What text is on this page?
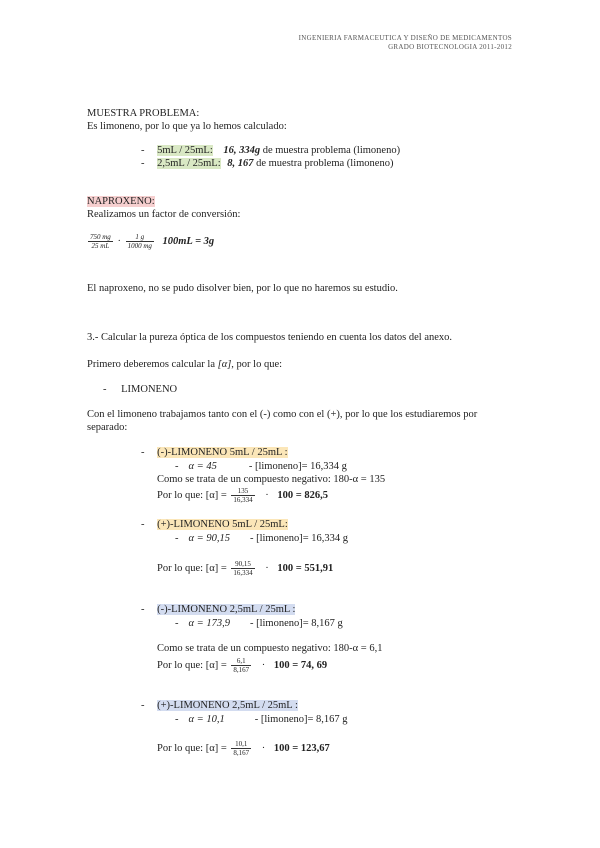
INGENIERIA FARMACEUTICA Y DISEÑO DE MEDICAMENTOS
GRADO BIOTECNOLOGIA 2011-2012
MUESTRA PROBLEMA:
Es limoneno, por lo que ya lo hemos calculado:
- 5mL / 25mL: 16, 334g de muestra problema (limoneno)
- 2,5mL / 25mL: 8, 167 de muestra problema (limoneno)
NAPROXENO:
Realizamos un factor de conversión:
$\frac{750 mg}{25 mL} \cdot \frac{1 g}{1000 mg} 100mL = 3g$
El naproxeno, no se pudo disolver bien, por lo que no haremos su estudio.
3.- Calcular la pureza óptica de los compuestos teniendo en cuenta los datos del anexo.
Primero deberemos calcular la [α], por lo que:
- LIMONENO
Con el limoneno trabajamos tanto con el (-) como con el (+), por lo que los estudiaremos por
separado:
- (-)-LIMONENO 5mL / 25mL :
- α = 45	- [limoneno]= 16,334 g
Como se trata de un compuesto negativo: 180-α = 135
Por lo que: $[\alpha] = \frac{135}{16,334} \cdot 100 = 826,5$
- (+)-LIMONENO 5mL / 25mL:
- α = 90,15 - [limoneno]= 16,334 g
Por lo que: $[\alpha] = \frac{90,15}{16,334} \cdot 100 = 551,91$
- (-)-LIMONENO 2,5mL / 25mL :
- α = 173,9 - [limoneno]= 8,167 g
Como se trata de un compuesto negativo: 180-α = 6,1
Por lo que: $[\alpha] = \frac{6,1}{8,167} \cdot 100 = 74$, 69
- (+)-LIMONENO 2,5mL / 25mL :
- α = 10,1	- [limoneno]= 8,167 g
Por lo que: $[\alpha] = \frac{10,1}{8,167} \cdot 100 = 123,67$
